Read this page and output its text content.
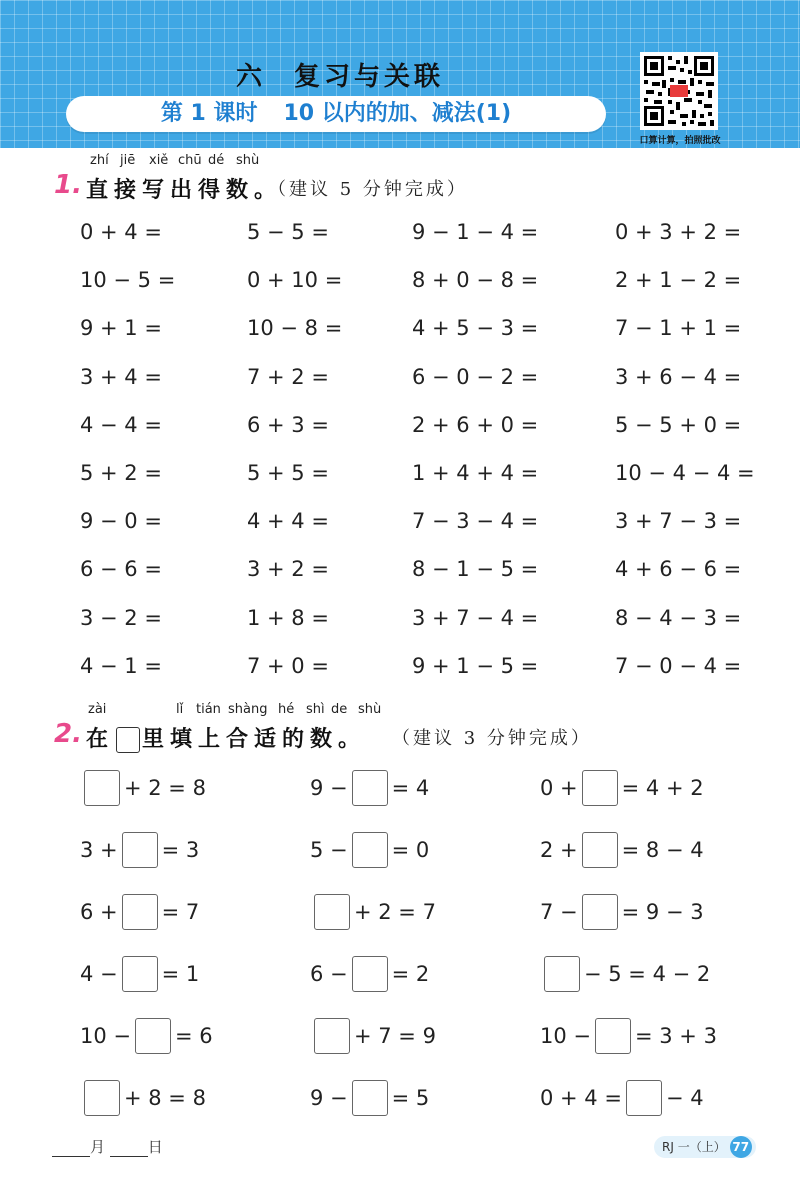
六 复习与关联
第 1 课时 10 以内的加、减法(1)
口算计算，拍照批改
zhí jiē xiě chū dé shù
1. 直接写出得数。
（建议 5 分钟完成）
0 + 4 =	5 − 5 =	9 − 1 − 4 =	0 + 3 + 2 =
10 − 5 =	0 + 10 =	8 + 0 − 8 =	2 + 1 − 2 =
9 + 1 =	10 − 8 =	4 + 5 − 3 =	7 − 1 + 1 =
3 + 4 =	7 + 2 =	6 − 0 − 2 =	3 + 6 − 4 =
4 − 4 =	6 + 3 =	2 + 6 + 0 =	5 − 5 + 0 =
5 + 2 =	5 + 5 =	1 + 4 + 4 =	10 − 4 − 4 =
9 − 0 =	4 + 4 =	7 − 3 − 4 =	3 + 7 − 3 =
6 − 6 =	3 + 2 =	8 − 1 − 5 =	4 + 6 − 6 =
3 − 2 =	1 + 8 =	3 + 7 − 4 =	8 − 4 − 3 =
4 − 1 =	7 + 0 =	9 + 1 − 5 =	7 − 0 − 4 =
zài	lǐ tián shàng hé shì de shù
2. 在 里填上合适的数。 （建议 3 分钟完成）
+ 2 = 8	9 − = 4	0 + = 4 + 2
3 + = 3	5 − = 0	2 + = 8 − 4
6 + = 7	+ 2 = 7	7 − = 9 − 3
4 − = 1	6 − = 2	− 5 = 4 − 2
10 − = 6	+ 7 = 9	10 − = 3 + 3
+ 8 = 8	9 − = 5	0 + 4 = − 4
月	日	RJ 一（上） 77
